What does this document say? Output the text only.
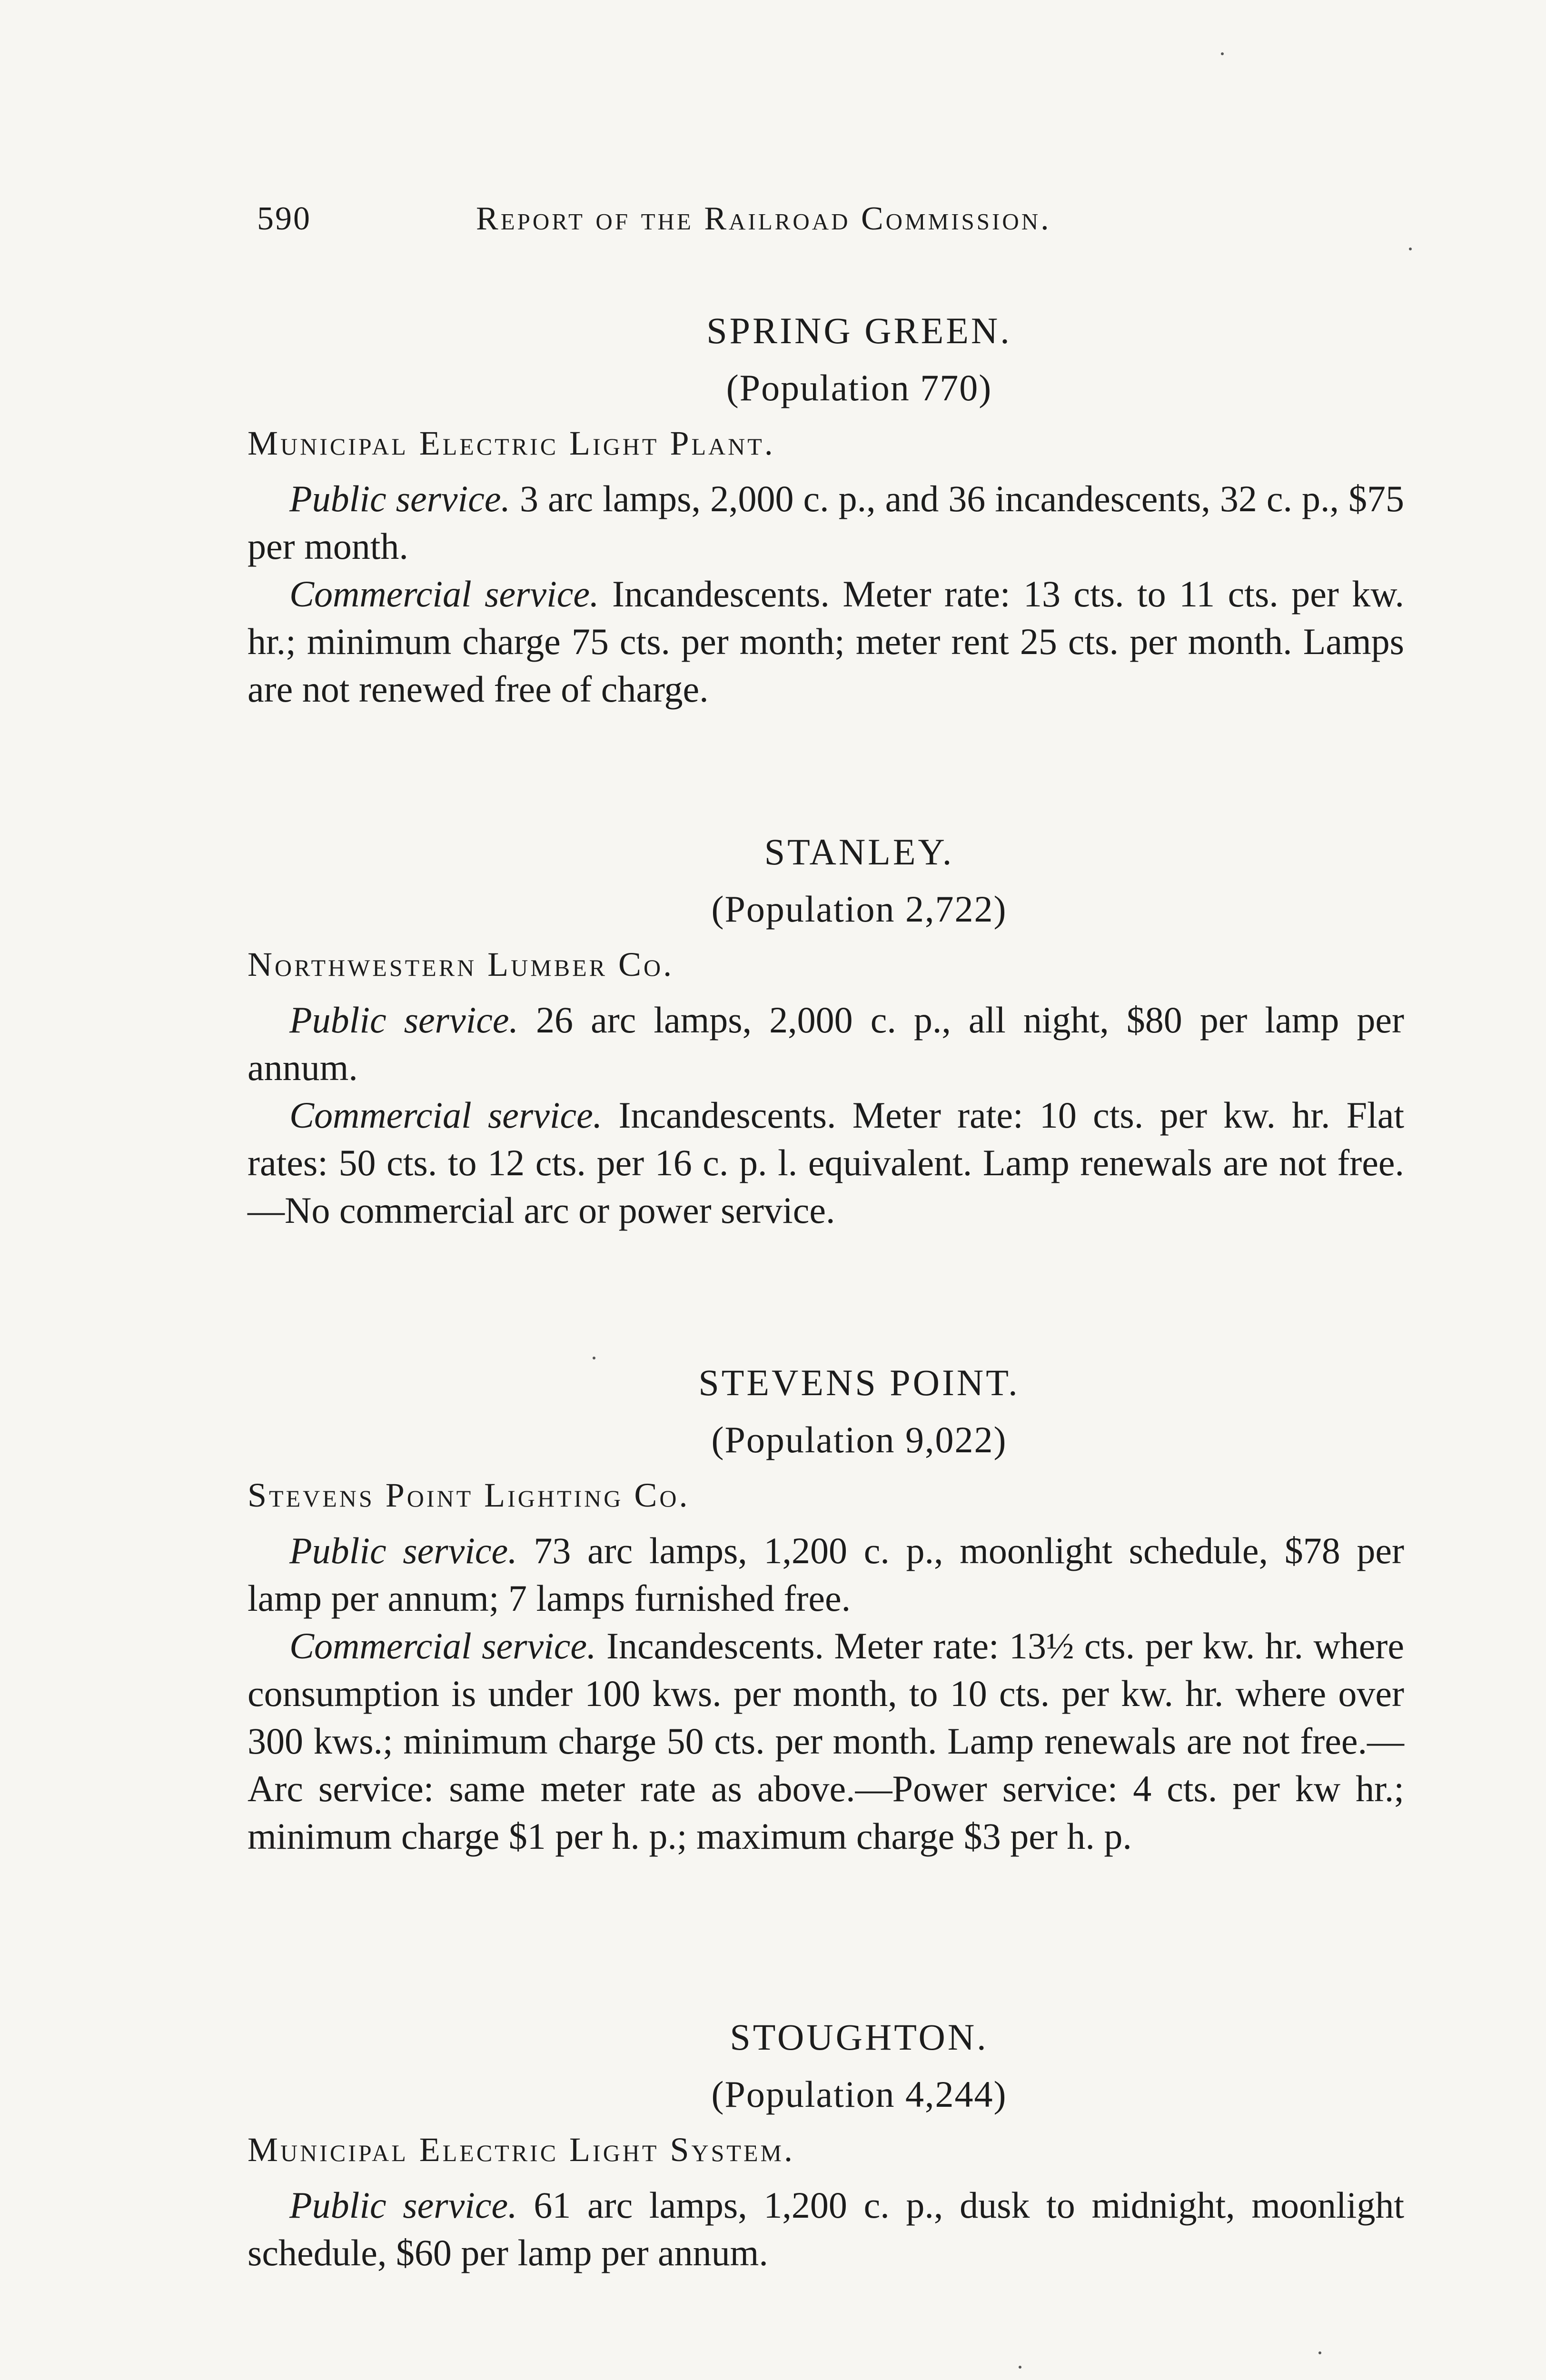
590	Report of the Railroad Commission.
SPRING GREEN.
(Population 770)
Municipal Electric Light Plant.

Public service. 3 arc lamps, 2,000 c. p., and 36 incandescents, 32 c. p., $75 per month.

Commercial service. Incandescents. Meter rate: 13 cts. to 11 cts. per kw. hr.; minimum charge 75 cts. per month; meter rent 25 cts. per month. Lamps are not renewed free of charge.

STANLEY.
(Population 2,722)
Northwestern Lumber Co.

Public service. 26 arc lamps, 2,000 c. p., all night, $80 per lamp per annum.

Commercial service. Incandescents. Meter rate: 10 cts. per kw. hr. Flat rates: 50 cts. to 12 cts. per 16 c. p. l. equivalent. Lamp renewals are not free.—No commercial arc or power service.

STEVENS POINT.
(Population 9,022)
Stevens Point Lighting Co.

Public service. 73 arc lamps, 1,200 c. p., moonlight schedule, $78 per lamp per annum; 7 lamps furnished free.

Commercial service. Incandescents. Meter rate: 13½ cts. per kw. hr. where consumption is under 100 kws. per month, to 10 cts. per kw. hr. where over 300 kws.; minimum charge 50 cts. per month. Lamp renewals are not free.—Arc service: same meter rate as above.—Power service: 4 cts. per kw hr.; minimum charge $1 per h. p.; maximum charge $3 per h. p.

STOUGHTON.
(Population 4,244)
Municipal Electric Light System.

Public service. 61 arc lamps, 1,200 c. p., dusk to midnight, moonlight schedule, $60 per lamp per annum.
